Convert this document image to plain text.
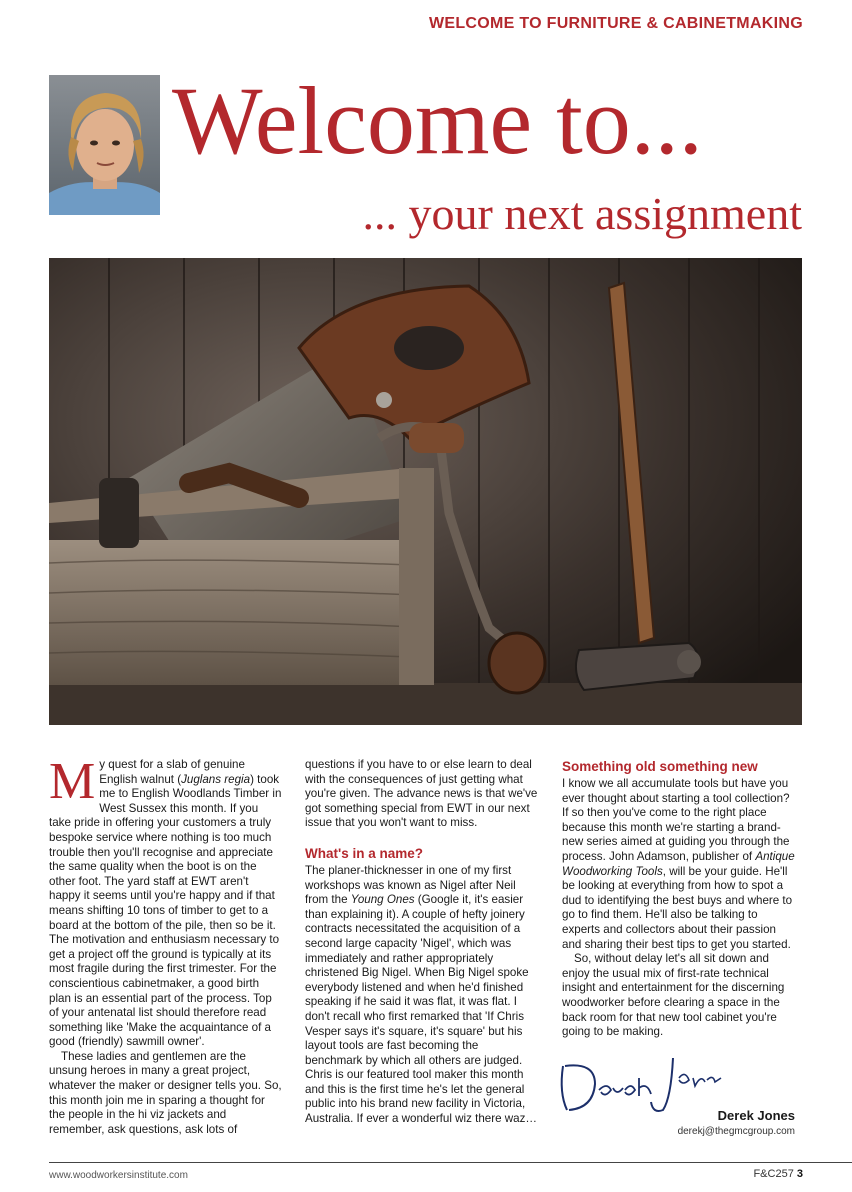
WELCOME TO FURNITURE & CABINETMAKING
Welcome to...
... your next assignment

My quest for a slab of genuine English walnut (Juglans regia) took me to English Woodlands Timber in West Sussex this month. If you take pride in offering your customers a truly bespoke service where nothing is too much trouble then you'll recognise and appreciate the same quality when the boot is on the other foot. The yard staff at EWT aren't happy it seems until you're happy and if that means shifting 10 tons of timber to get to a board at the bottom of the pile, then so be it.

The motivation and enthusiasm necessary to get a project off the ground is typically at its most fragile during the first trimester. For the conscientious cabinetmaker, a good birth plan is an essential part of the process. Top of your antenatal list should therefore read something like 'Make the acquaintance of a good (friendly) sawmill owner'.

These ladies and gentlemen are the unsung heroes in many a great project, whatever the maker or designer tells you. So, this month join me in sparing a thought for the people in the hi viz jackets and remember, ask questions, ask lots of

questions if you have to or else learn to deal with the consequences of just getting what you're given. The advance news is that we've got something special from EWT in our next issue that you won't want to miss.

What's in a name?

The planer-thicknesser in one of my first workshops was known as Nigel after Neil from the Young Ones (Google it, it's easier than explaining it). A couple of hefty joinery contracts necessitated the acquisition of a second large capacity 'Nigel', which was immediately and rather appropriately christened Big Nigel. When Big Nigel spoke everybody listened and when he'd finished speaking if he said it was flat, it was flat. I don't recall who first remarked that 'If Chris Vesper says it's square, it's square' but his layout tools are fast becoming the benchmark by which all others are judged. Chris is our featured tool maker this month and this is the first time he's let the general public into his brand new facility in Victoria, Australia. If ever a wonderful wiz there waz…

Something old something new

I know we all accumulate tools but have you ever thought about starting a tool collection? If so then you've come to the right place because this month we're starting a brand-new series aimed at guiding you through the process. John Adamson, publisher of Antique Woodworking Tools, will be your guide. He'll be looking at everything from how to spot a dud to identifying the best buys and where to go to find them. He'll also be talking to experts and collectors about their passion and sharing their best tips to get you started.

So, without delay let's all sit down and enjoy the usual mix of first-rate technical insight and entertainment for the discerning woodworker before clearing a space in the back room for that new tool cabinet you're going to be making.

Derek Jones
derekj@thegmcgroup.com
www.woodworkersinstitute.com	F&C257 3
